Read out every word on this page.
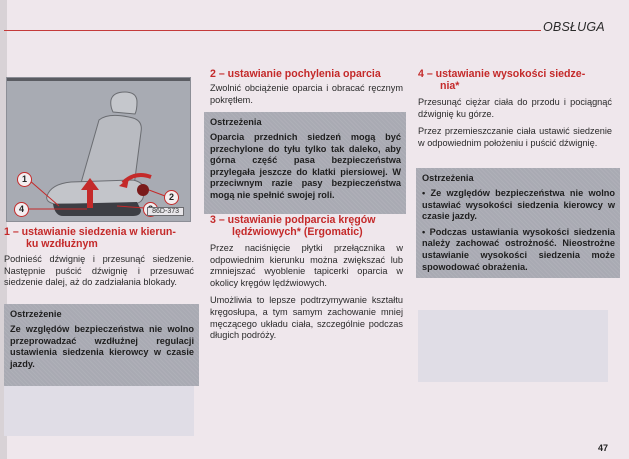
OBSŁUGA
1
2
4	86D-373
1 – ustawianie siedzenia w kierun-
ku wzdłużnym

Podnieść dźwignię i przesunąć siedzenie. Następnie puścić dźwignię i przesuwać siedzenie dalej, aż do zadziałania blokady.

Ostrzeżenie

Ze względów bezpieczeństwa nie wolno przeprowadzać wzdłużnej regulacji ustawienia siedzenia kierowcy w czasie jazdy.

2 – ustawianie pochylenia oparcia

Zwolnić obciążenie oparcia i obracać ręcznym pokrętłem.

Ostrzeżenia

Oparcia przednich siedzeń mogą być przechylone do tyłu tylko tak daleko, aby górna część pasa bezpieczeństwa przylegała jeszcze do klatki piersiowej. W przeciwnym razie pasy bezpieczeństwa mogą nie spełnić swojej roli.

3 – ustawianie podparcia kręgów
lędźwiowych* (Ergomatic)

Przez naciśnięcie płytki przełącznika w odpowiednim kierunku można zwiększać lub zmniejszać wyoblenie tapicerki oparcia w okolicy kręgów lędźwiowych.

Umożliwia to lepsze podtrzymywanie kształtu kręgosłupa, a tym samym zachowanie mniej męczącego układu ciała, szczególnie podczas długich podróży.

4 – ustawianie wysokości siedze-
nia*

Przesunąć ciężar ciała do przodu i pociągnąć dźwignię ku górze.

Przez przemieszczanie ciała ustawić siedzenie w odpowiednim położeniu i puścić dźwignię.

Ostrzeżenia

• Ze względów bezpieczeństwa nie wolno ustawiać wysokości siedzenia kierowcy w czasie jazdy.

• Podczas ustawiania wysokości siedzenia należy zachować ostrożność. Nieostrożne ustawianie wysokości siedzenia może spowodować obrażenia.

47
